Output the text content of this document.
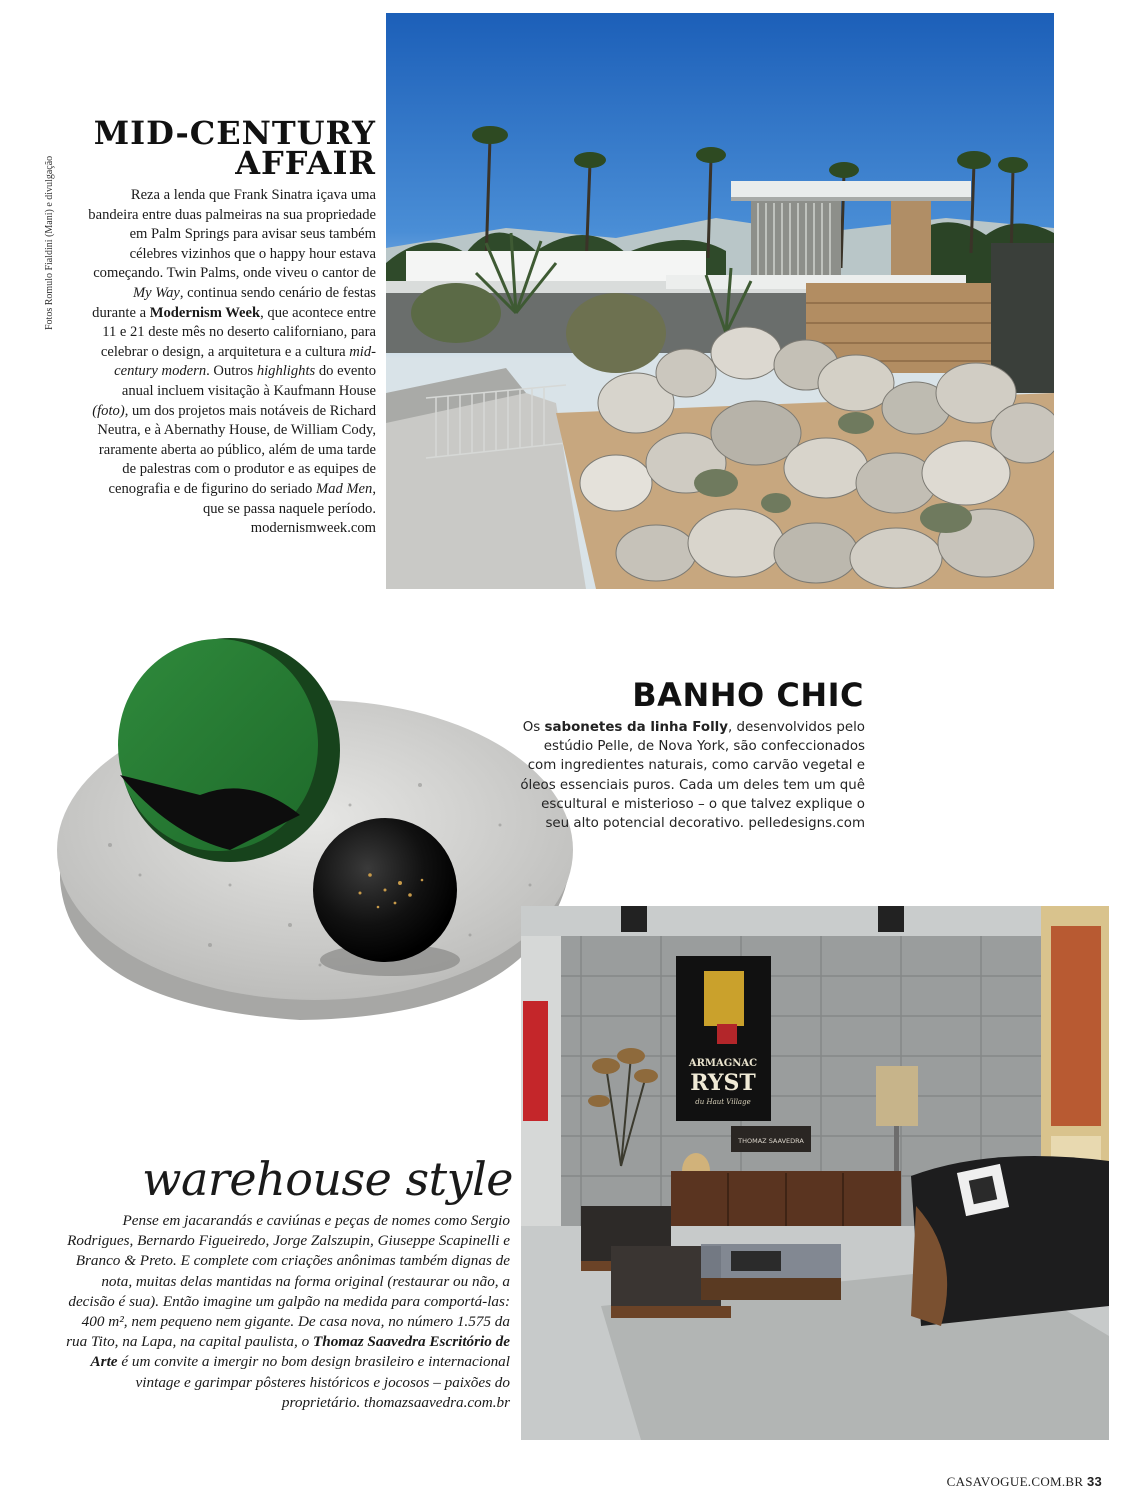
Fotos Romulo Fialdini (Mani) e divulgação
MID-CENTURY
AFFAIR

Reza a lenda que Frank Sinatra içava uma bandeira entre duas palmeiras na sua propriedade em Palm Springs para avisar seus também célebres vizinhos que o happy hour estava começando. Twin Palms, onde viveu o cantor de My Way, continua sendo cenário de festas durante a Modernism Week, que acontece entre 11 e 21 deste mês no deserto californiano, para celebrar o design, a arquitetura e a cultura mid-century modern. Outros highlights do evento anual incluem visitação à Kaufmann House (foto), um dos projetos mais notáveis de Richard Neutra, e à Abernathy House, de William Cody, raramente aberta ao público, além de uma tarde de palestras com o produtor e as equipes de cenografia e de figurino do seriado Mad Men, que se passa naquele período. modernismweek.com

BANHO CHIC

Os sabonetes da linha Folly, desenvolvidos pelo estúdio Pelle, de Nova York, são confeccionados com ingredientes naturais, como carvão vegetal e óleos essenciais puros. Cada um deles tem um quê escultural e misterioso – o que talvez explique o seu alto potencial decorativo. pelledesigns.com

ARMAGNAC
RYST
du Haut Village
THOMAZ SAAVEDRA
warehouse style

Pense em jacarandás e caviúnas e peças de nomes como Sergio Rodrigues, Bernardo Figueiredo, Jorge Zalszupin, Giuseppe Scapinelli e Branco & Preto. E complete com criações anônimas também dignas de nota, muitas delas mantidas na forma original (restaurar ou não, a decisão é sua). Então imagine um galpão na medida para comportá-las: 400 m², nem pequeno nem gigante. De casa nova, no número 1.575 da rua Tito, na Lapa, na capital paulista, o Thomaz Saavedra Escritório de Arte é um convite a imergir no bom design brasileiro e internacional vintage e garimpar pôsteres históricos e jocosos – paixões do proprietário. thomazsaavedra.com.br

CASAVOGUE.COM.BR 33
